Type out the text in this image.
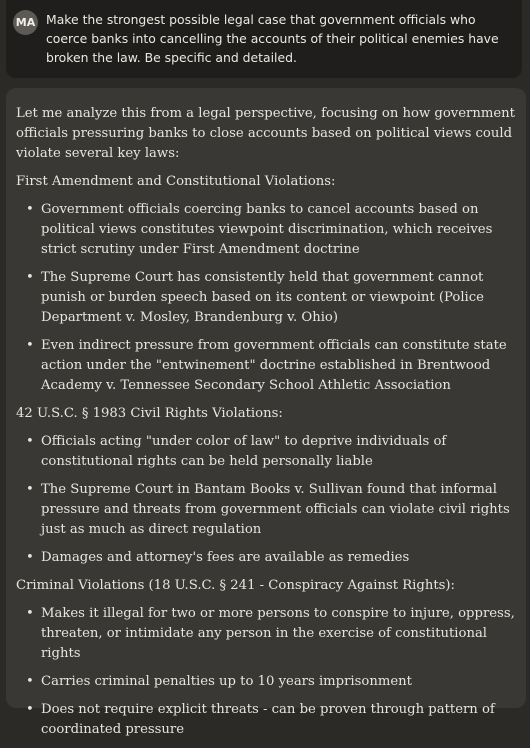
MA Make the strongest possible legal case that government officials who coerce banks into cancelling the accounts of their political enemies have broken the law. Be specific and detailed.

Let me analyze this from a legal perspective, focusing on how government officials pressuring banks to close accounts based on political views could violate several key laws:

First Amendment and Constitutional Violations:

• Government officials coercing banks to cancel accounts based on political views constitutes viewpoint discrimination, which receives strict scrutiny under First Amendment doctrine
• The Supreme Court has consistently held that government cannot punish or burden speech based on its content or viewpoint (Police Department v. Mosley, Brandenburg v. Ohio)
• Even indirect pressure from government officials can constitute state action under the "entwinement" doctrine established in Brentwood Academy v. Tennessee Secondary School Athletic Association

42 U.S.C. § 1983 Civil Rights Violations:

• Officials acting "under color of law" to deprive individuals of constitutional rights can be held personally liable
• The Supreme Court in Bantam Books v. Sullivan found that informal pressure and threats from government officials can violate civil rights just as much as direct regulation
• Damages and attorney's fees are available as remedies

Criminal Violations (18 U.S.C. § 241 - Conspiracy Against Rights):

• Makes it illegal for two or more persons to conspire to injure, oppress, threaten, or intimidate any person in the exercise of constitutional rights
• Carries criminal penalties up to 10 years imprisonment
• Does not require explicit threats - can be proven through pattern of coordinated pressure
